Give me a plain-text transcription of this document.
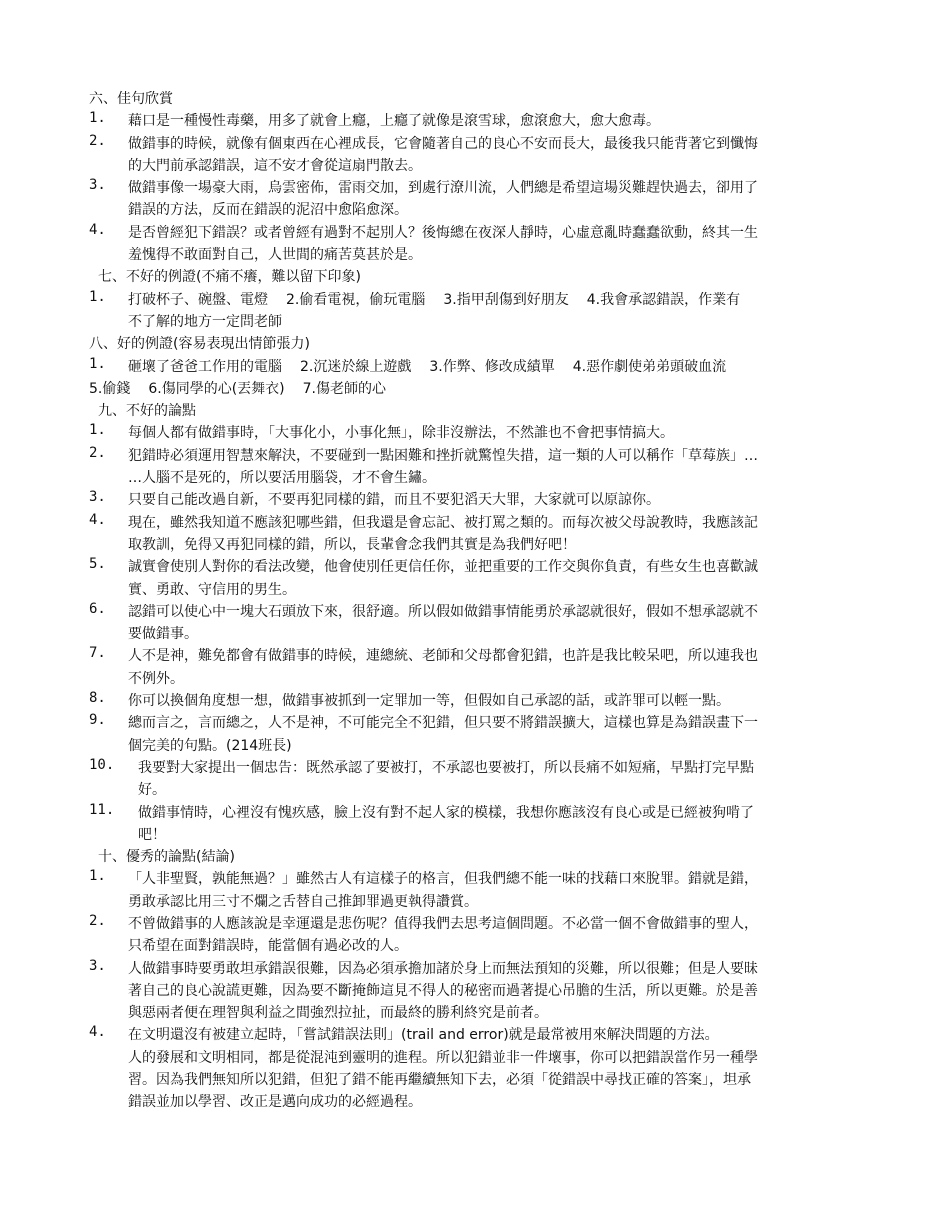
六、佳句欣賞
1.	藉口是一種慢性毒藥，用多了就會上癮，上癮了就像是滾雪球，愈滾愈大，愈大愈毒。
2.	做錯事的時候，就像有個東西在心裡成長，它會隨著自己的良心不安而長大，最後我只能背著它到懺悔
的大門前承認錯誤，這不安才會從這扇門散去。
3.	做錯事像一場豪大雨，烏雲密佈，雷雨交加，到處行潦川流，人們總是希望這場災難趕快過去，卻用了
錯誤的方法，反而在錯誤的泥沼中愈陷愈深。
4.	是否曾經犯下錯誤？或者曾經有過對不起別人？後悔總在夜深人靜時，心虛意亂時蠢蠢欲動，終其一生
羞愧得不敢面對自己，人世間的痛苦莫甚於是。
七、不好的例證(不痛不癢，難以留下印象)
1.	打破杯子、碗盤、電燈 2.偷看電視，偷玩電腦 3.指甲刮傷到好朋友 4.我會承認錯誤，作業有
不了解的地方一定問老師
八、好的例證(容易表現出情節張力)
1.	砸壞了爸爸工作用的電腦 2.沉迷於線上遊戲 3.作弊、修改成績單 4.惡作劇使弟弟頭破血流
5.偷錢 6.傷同學的心(丟舞衣) 7.傷老師的心
九、不好的論點
1.	每個人都有做錯事時，「大事化小，小事化無」，除非沒辦法，不然誰也不會把事情搞大。
2.	犯錯時必須運用智慧來解決，不要碰到一點困難和挫折就驚惶失措，這一類的人可以稱作「草莓族」…
…人腦不是死的，所以要活用腦袋，才不會生鏽。
3.	只要自己能改過自新，不要再犯同樣的錯，而且不要犯滔天大罪，大家就可以原諒你。
4.	現在，雖然我知道不應該犯哪些錯，但我還是會忘記、被打罵之類的。而每次被父母說教時，我應該記
取教訓，免得又再犯同樣的錯，所以，長輩會念我們其實是為我們好吧！
5.	誠實會使別人對你的看法改變，他會使別任更信任你，並把重要的工作交與你負責，有些女生也喜歡誠
實、勇敢、守信用的男生。
6.	認錯可以使心中一塊大石頭放下來，很舒適。所以假如做錯事情能勇於承認就很好，假如不想承認就不
要做錯事。
7.	人不是神，難免都會有做錯事的時候，連總統、老師和父母都會犯錯，也許是我比較呆吧，所以連我也
不例外。
8.	你可以換個角度想一想，做錯事被抓到一定罪加一等，但假如自己承認的話，或許罪可以輕一點。
9.	總而言之，言而總之，人不是神，不可能完全不犯錯，但只要不將錯誤擴大，這樣也算是為錯誤畫下一
個完美的句點。(214班長)
10.	我要對大家提出一個忠告：既然承認了要被打，不承認也要被打，所以長痛不如短痛，早點打完早點
好。
11.	做錯事情時，心裡沒有愧疚感，臉上沒有對不起人家的模樣，我想你應該沒有良心或是已經被狗啃了
吧！
十、優秀的論點(結論)
1.	「人非聖賢，孰能無過？」雖然古人有這樣子的格言，但我們總不能一味的找藉口來脫罪。錯就是錯，
勇敢承認比用三寸不爛之舌替自己推卸罪過更執得讚賞。
2.	不曾做錯事的人應該說是幸運還是悲伤呢？值得我們去思考這個問題。不必當一個不會做錯事的聖人，
只希望在面對錯誤時，能當個有過必改的人。
3.	人做錯事時要勇敢坦承錯誤很難，因為必須承擔加諸於身上而無法預知的災難，所以很難；但是人要昧
著自己的良心說謊更難，因為要不斷掩飾這見不得人的秘密而過著提心吊膽的生活，所以更難。於是善
與惡兩者便在理智與利益之間強烈拉扯，而最終的勝利終究是前者。
4.	在文明還沒有被建立起時，「嘗試錯誤法則」(trail and error)就是最常被用來解決問題的方法。
人的發展和文明相同，都是從混沌到靈明的進程。所以犯錯並非一件壞事，你可以把錯誤當作另一種學
習。因為我們無知所以犯錯，但犯了錯不能再繼續無知下去，必須「從錯誤中尋找正確的答案」，坦承
錯誤並加以學習、改正是邁向成功的必經過程。
